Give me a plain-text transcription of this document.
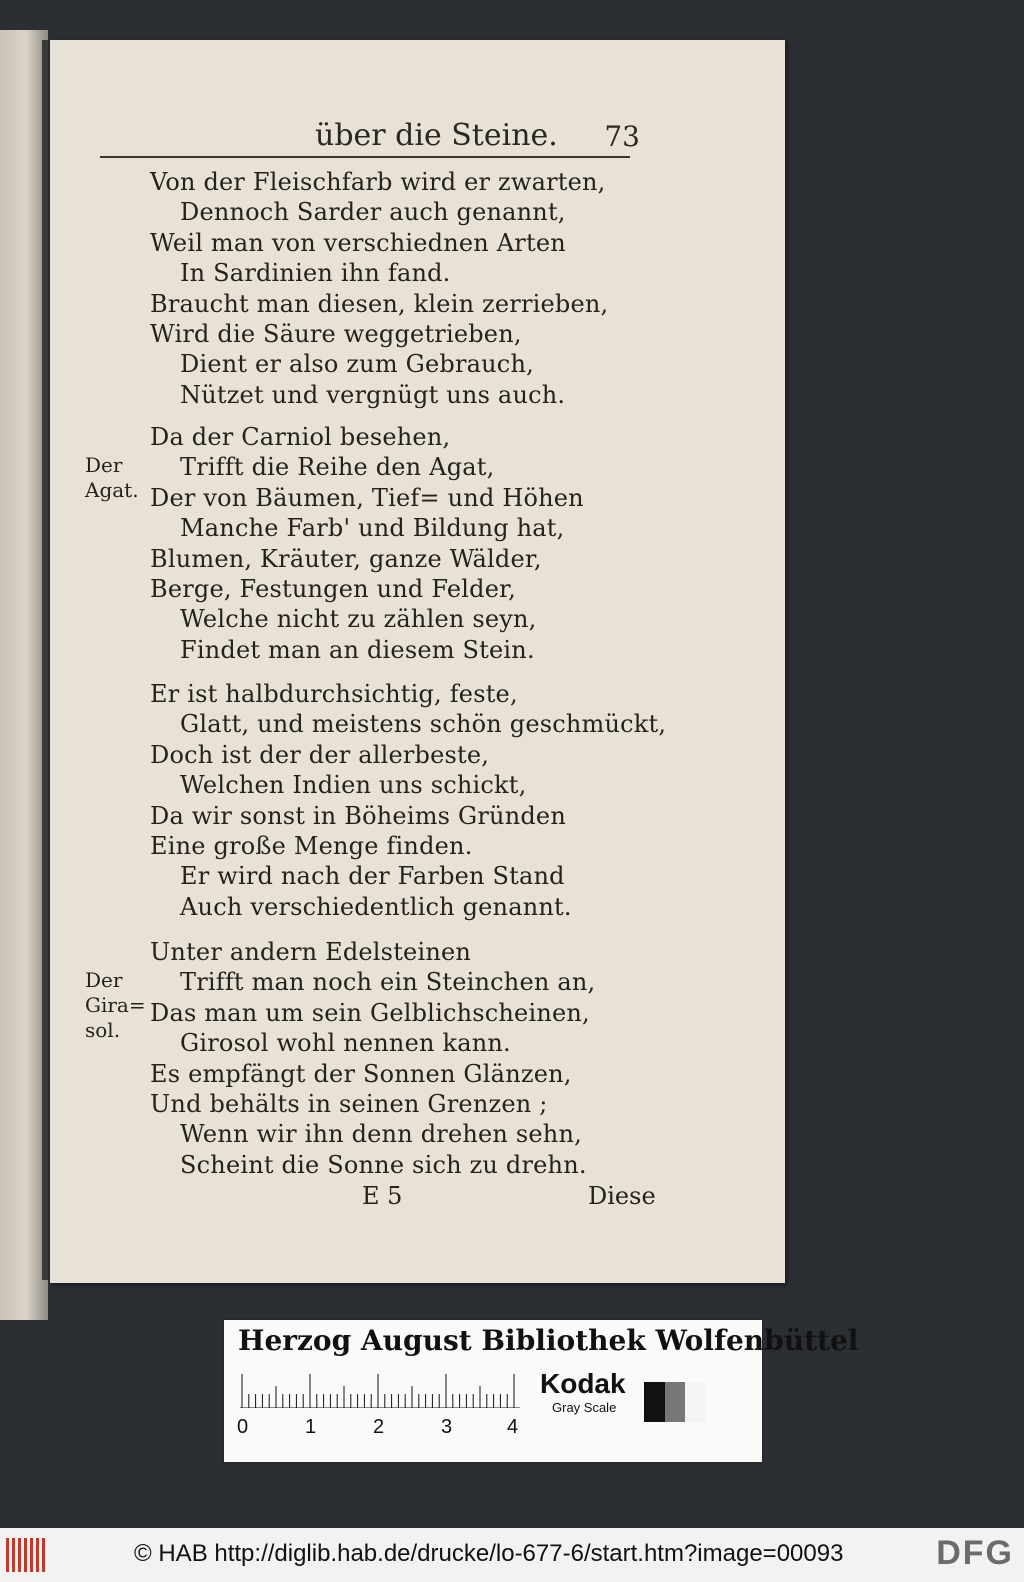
über die Steine. 73
Von der Fleischfarb wird er zwarten,
Dennoch Sarder auch genannt,
Weil man von verschiednen Arten
In Sardinien ihn fand.
Braucht man diesen, klein zerrieben,
Wird die Säure weggetrieben,
Dient er also zum Gebrauch,
Nützet und vergnügt uns auch.
Da der Carniol besehen,
Trifft die Reihe den Agat,
Der von Bäumen, Tief= und Höhen
Manche Farb' und Bildung hat,
Blumen, Kräuter, ganze Wälder,
Berge, Festungen und Felder,
Welche nicht zu zählen seyn,
Findet man an diesem Stein.
Der
Agat.
Er ist halbdurchsichtig, feste,
Glatt, und meistens schön geschmückt,
Doch ist der der allerbeste,
Welchen Indien uns schickt,
Da wir sonst in Böheims Gründen
Eine große Menge finden.
Er wird nach der Farben Stand
Auch verschiedentlich genannt.
Unter andern Edelsteinen
Trifft man noch ein Steinchen an,
Das man um sein Gelblichscheinen,
Girosol wohl nennen kann.
Es empfängt der Sonnen Glänzen,
Und behälts in seinen Grenzen ;
Wenn wir ihn denn drehen sehn,
Scheint die Sonne sich zu drehn.
Der
Gira=
sol.
E 5	Diese
Herzog August Bibliothek Wolfenbüttel
0	1	2	3	4
Kodak
Gray Scale
© HAB http://diglib.hab.de/drucke/lo-677-6/start.htm?image=00093	DFG
